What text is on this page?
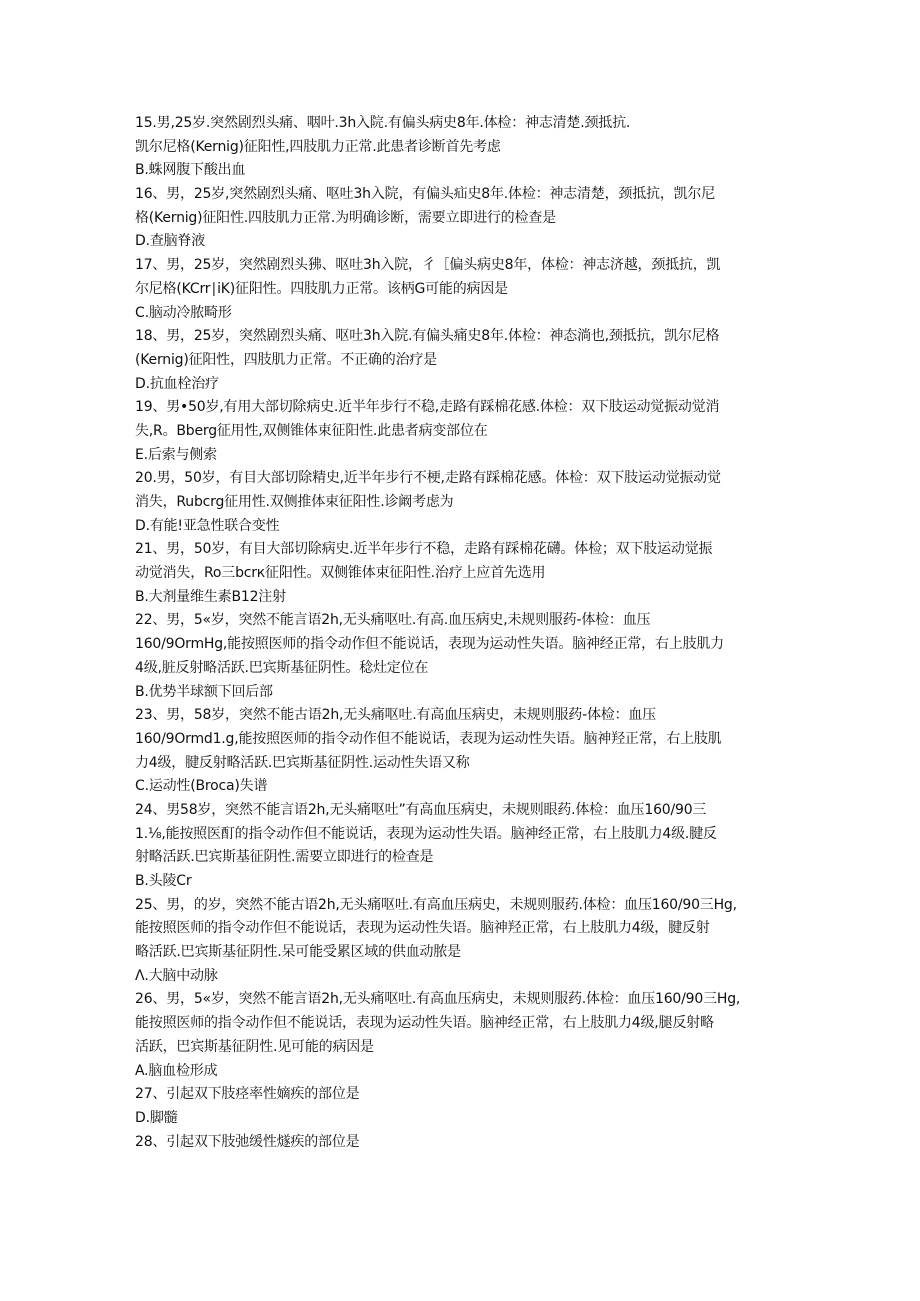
15.男,25岁.突然剧烈头痛、咽叶.3h入院.有偏头病史8年.体检：神志清楚.颈抵抗.
凯尔尼格(Kernig)征阳性,四肢肌力正常.此患者诊断首先考虑
B.蛛网腹下酸出血
16、男，25岁,突然剧烈头痛、呕吐3h入院，有偏头疝史8年.体检：神志清楚，颈抵抗，凯尔尼
格(Kernig)征阳性.四肢肌力正常.为明确诊断，需要立即进行的检查是
D.查脑脊液
17、男，25岁，突然剧烈头狒、呕吐3h入院，彳［偏头病史8年，体检：神志济越，颈抵抗，凯
尔尼格(KCrr∣iK)征阳性。四肢肌力正常。该柄G可能的病因是
C.脑动冷脓畸形
18、男，25岁，突然剧烈头痛、呕吐3h入院.有偏头痛史8年.体检：神态淌也,颈抵抗，凯尔尼格
(Kernig)征阳性，四肢肌力正常。不正确的治疗是
D.抗血栓治疗
19、男•50岁,有用大部切除病史.近半年步行不稳,走路有踩棉花感.体检：双下肢运动觉振动觉消
失,R。Bberg征用性,双侧锥体束征阳性.此患者病变部位在
E.后索与侧索
20.男，50岁，有目大部切除精史,近半年步行不梗,走路有踩棉花感。体检：双下肢运动觉振动觉
消失，Rubcrg征用性.双侧推体束征阳性.诊阚考虑为
D.有能!亚急性联合变性
21、男，50岁，有目大部切除病史.近半年步行不稳，走路有踩棉花礴。体检；双下肢运动觉振
动觉消失，Ro三bcrк征阳性。双侧锥体束征阳性.治疗上应首先选用
B.大剂量维生素B12注射
22、男，5«岁，突然不能言语2h,无头痛呕吐.有高.血压病史,未规则服药-体检：血压
160/9OrmHg,能按照医师的指令动作但不能说话，表现为运动性失语。脑神经正常，右上肢肌力
4级,脏反射略活跃.巴宾斯基征阴性。稔灶定位在
B.优势半球额下回后部
23、男，58岁，突然不能古语2h,无头痛呕吐.有高血压病史，未规则服药-体检：血压
160/9Ormd1.g,能按照医师的指令动作但不能说话，表现为运动性失语。脑神羟正常，右上肢肌
力4级，腱反射略活跃.巴宾斯基征阴性.运动性失语又称
C.运动性(Broca)失谱
24、男58岁，突然不能言语2h,无头痛呕吐”有高血压病史，未规则眼药.体检：血压160/90三
1.⅛,能按照医酊的指令动作但不能说话，表现为运动性失语。脑神经正常，右上肢肌力4级.腱反
射略活跃.巴宾斯基征阴性.需要立即进行的检查是
B.头陵Cr
25、男，的岁，突然不能古语2h,无头痛呕吐.有高血压病史，未规则服药.体检：血压160/90三Hg,
能按照医师的指令动作但不能说话，表现为运动性失语。脑神羟正常，右上肢肌力4级，腱反射
略活跃.巴宾斯基征阴性.呆可能受累区域的供血动脓是
Λ.大脑中动脉
26、男，5«岁，突然不能言语2h,无头痛呕吐.有高血压病史，未规则服药.体检：血压160/90三Hg,
能按照医师的指令动作但不能说话，表现为运动性失语。脑神经正常，右上肢肌力4级,腿反射略
活跃，巴宾斯基征阴性.见可能的病因是
A.脑血检形成
27、引起双下肢痉率性嫡疾的部位是
D.脚髓
28、引起双下肢弛缓性燧疾的部位是
